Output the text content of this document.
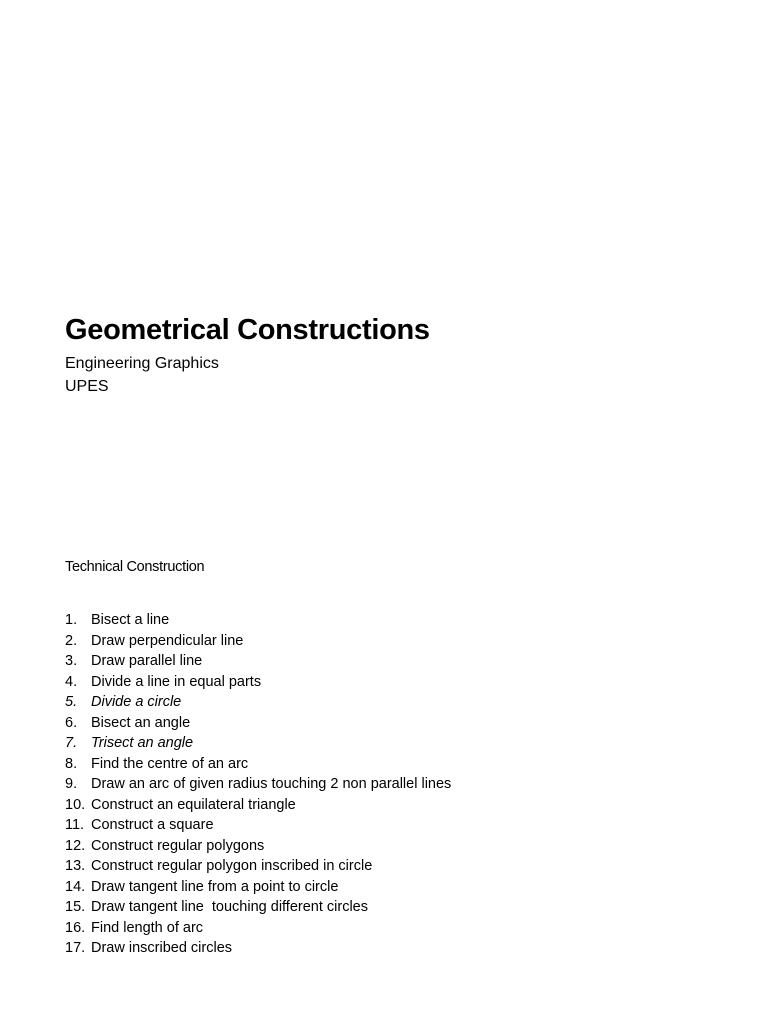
Geometrical Constructions
Engineering Graphics
UPES
Technical Construction
1. Bisect a line
2. Draw perpendicular line
3. Draw parallel line
4. Divide a line in equal parts
5. Divide a circle
6. Bisect an angle
7. Trisect an angle
8. Find the centre of an arc
9. Draw an arc of given radius touching 2 non parallel lines
10. Construct an equilateral triangle
11. Construct a square
12. Construct regular polygons
13. Construct regular polygon inscribed in circle
14. Draw tangent line from a point to circle
15. Draw tangent line  touching different circles
16. Find length of arc
17. Draw inscribed circles
